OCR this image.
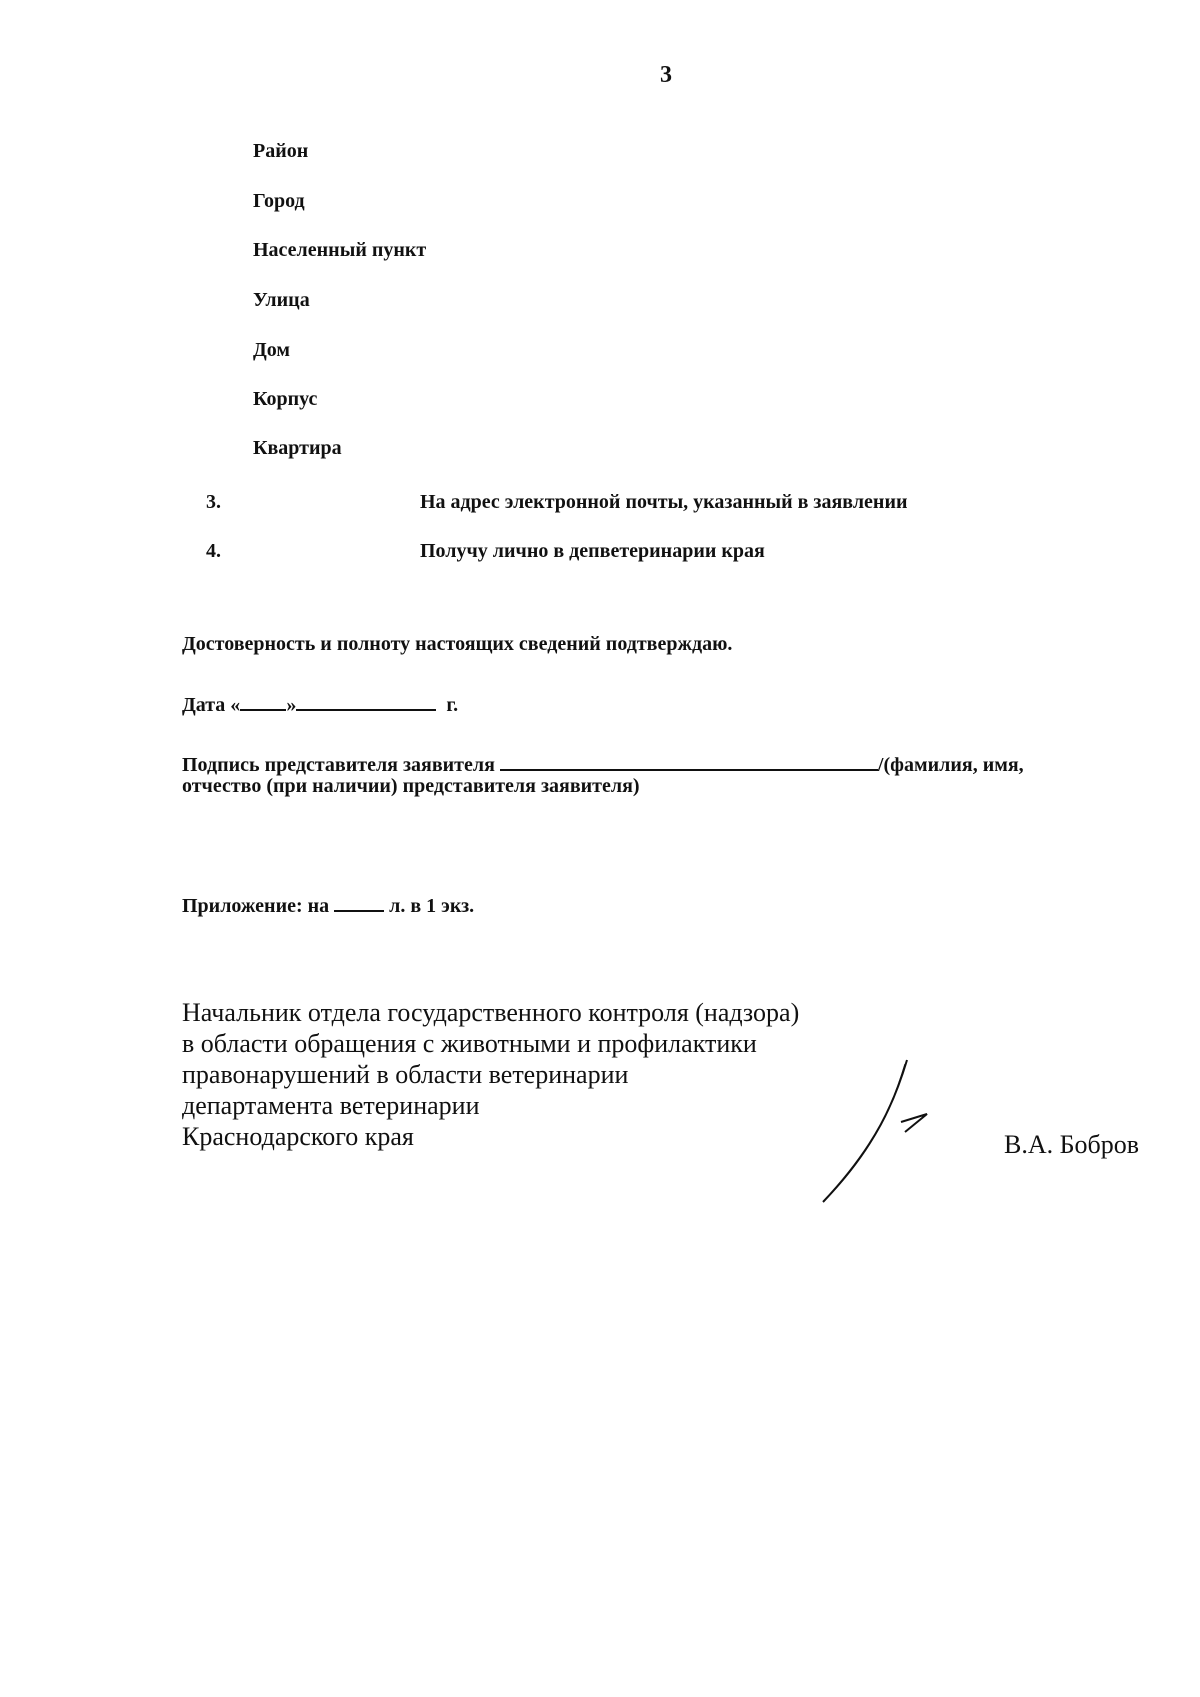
3
Район
Город
Населенный пункт
Улица
Дом
Корпус
Квартира
3.	На адрес электронной почты, указанный в заявлении
4.	Получу лично в депветеринарии края
Достоверность и полноту настоящих сведений подтверждаю.
Дата « »	г.
Подпись представителя заявителя	/(фамилия, имя,
отчество (при наличии) представителя заявителя)
Приложение: на	л. в 1 экз.
Начальник отдела государственного контроля (надзора)
в области обращения с животными и профилактики
правонарушений в области ветеринарии
департамента ветеринарии
Краснодарского края	В.А. Бобров
